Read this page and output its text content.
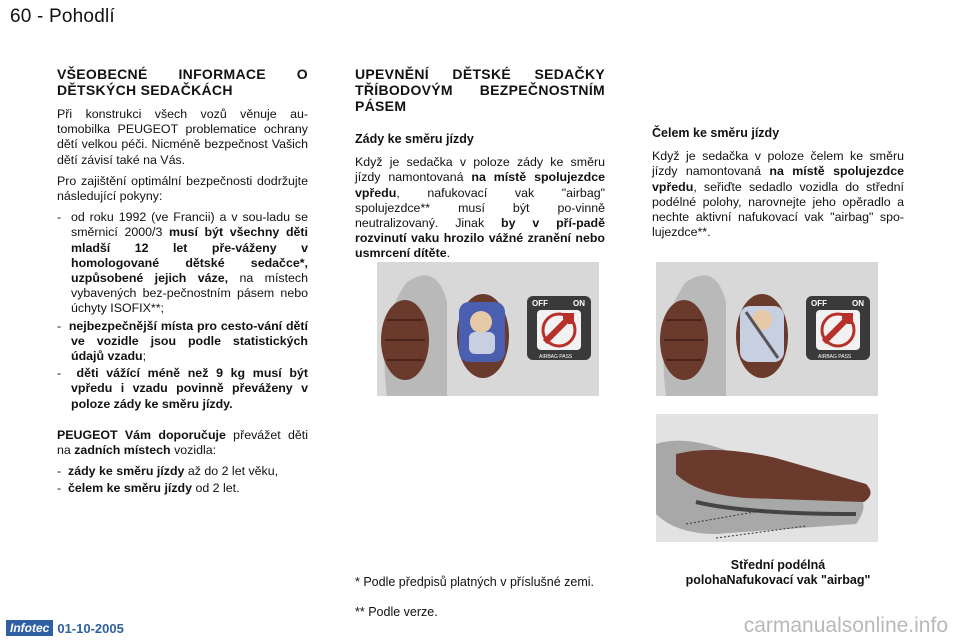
60 - Pohodlí
VŠEOBECNÉ INFORMACE O DĚTSKÝCH SEDAČKÁCH

Při konstrukci všech vozů věnuje au-tomobilka PEUGEOT problematice ochrany dětí velkou péči. Nicméně bezpečnost Vašich dětí závisí také na Vás.

Pro zajištění optimální bezpečnosti dodržujte následující pokyny:

-  od roku 1992 (ve Francii) a v sou-ladu se směrnicí 2000/3 musí být všechny děti mladší 12 let pře-váženy v homologované dětské sedačce*, uzpůsobené jejich váze, na místech vybavených bez-pečnostním pásem nebo úchyty ISOFIX**;
-  nejbezpečnější místa pro cesto-vání dětí ve vozidle jsou podle statistických údajů vzadu;
-  děti vážící méně než 9 kg musí být vpředu i vzadu povinně převáženy v poloze zády ke směru jízdy.

PEUGEOT Vám doporučuje převážet děti na zadních místech vozidla:

-  zády ke směru jízdy až do 2 let věku,
-  čelem ke směru jízdy od 2 let.
UPEVNĚNÍ DĚTSKÉ SEDAČKY TŘÍBODOVÝM BEZPEČNOSTNÍM PÁSEM
Zády ke směru jízdy

Když je sedačka v poloze zády ke směru jízdy namontovaná na místě spolujezdce vpředu, nafukovací vak "airbag" spolujezdce** musí být po-vinně neutralizovaný. Jinak by v pří-padě rozvinutí vaku hrozilo vážné zranění nebo usmrcení dítěte.

OFF	ON
AIRBAG PASS
* Podle předpisů platných v příslušné zemi.
** Podle verze.
Čelem ke směru jízdy

Když je sedačka v poloze čelem ke směru jízdy namontovaná na místě spolujezdce vpředu, seřiďte sedadlo vozidla do střední podélné polohy, narovnejte jeho opěradlo a nechte aktivní nafukovací vak "airbag" spo-lujezdce**.

OFF	ON
AIRBAG PASS
Střední podélná
polohaNafukovací vak "airbag"
Infotec 01-10-2005	carmanualsonline.info
